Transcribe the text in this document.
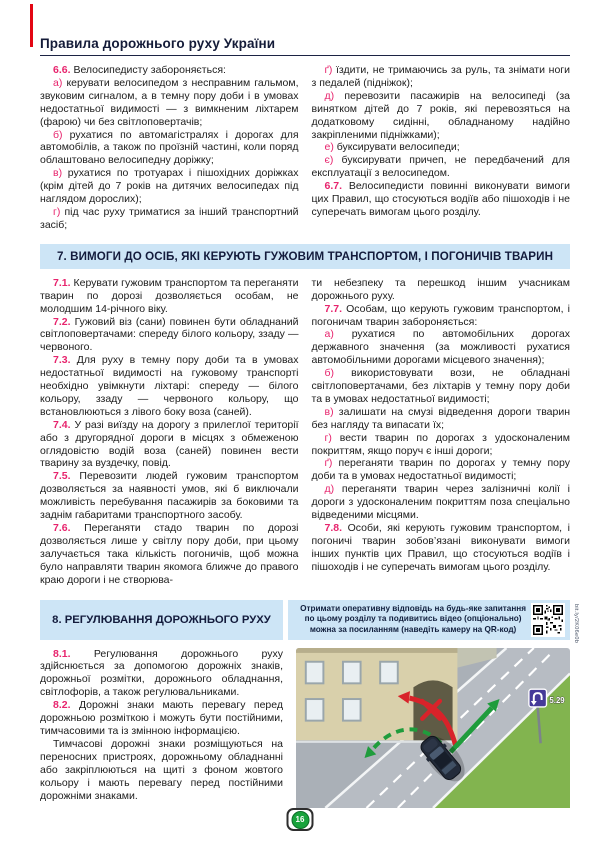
Правила дорожнього руху України

6.6. Велосипедисту забороняється:

а) керувати велосипедом з несправним гальмом, звуковим сигналом, а в темну пору доби і в умовах недостатньої видимості — з вимкненим ліхтарем (фарою) чи без світлоповертачів;

б) рухатися по автомагістралях і дорогах для автомобілів, а також по проїзній частині, коли поряд облаштовано велосипедну доріжку;

в) рухатися по тротуарах і пішохідних доріжках (крім дітей до 7 років на дитячих велосипедах під наглядом дорослих);

г) під час руху триматися за інший транспортний засіб;

ґ) їздити, не тримаючись за руль, та знімати ноги з педалей (підніжок);

д) перевозити пасажирів на велосипеді (за винятком дітей до 7 років, які перевозяться на додатковому сидінні, обладнаному надійно закріпленими підніжками);

е) буксирувати велосипеди;

є) буксирувати причеп, не передбачений для експлуатації з велосипедом.

6.7. Велосипедисти повинні виконувати вимоги цих Правил, що стосуються водіїв або пішоходів і не суперечать вимогам цього розділу.

7. ВИМОГИ ДО ОСІБ, ЯКІ КЕРУЮТЬ ГУЖОВИМ ТРАНСПОРТОМ, І ПОГОНИЧІВ ТВАРИН

7.1. Керувати гужовим транспортом та переганяти тварин по дорозі дозволяється особам, не молодшим 14-річного віку.

7.2. Гужовий віз (сани) повинен бути обладнаний світлоповертачами: спереду білого кольору, ззаду — червоного.

7.3. Для руху в темну пору доби та в умовах недостатньої видимості на гужовому транспорті необхідно увімкнути ліхтарі: спереду — білого кольору, ззаду — червоного кольору, що встановлюються з лівого боку воза (саней).

7.4. У разі виїзду на дорогу з прилеглої території або з другорядної дороги в місцях з обмеженою оглядовістю водій воза (саней) повинен вести тварину за вуздечку, повід.

7.5. Перевозити людей гужовим транспортом дозволяється за наявності умов, які б виключали можливість перебування пасажирів за боковими та заднім габаритами транспортного засобу.

7.6. Переганяти стадо тварин по дорозі дозволяється лише у світлу пору доби, при цьому залучається така кількість погоничів, щоб можна було направляти тварин якомога ближче до правого краю дороги і не створюва-

ти небезпеку та перешкод іншим учасникам дорожнього руху.

7.7. Особам, що керують гужовим транспортом, і погоничам тварин забороняється:

а) рухатися по автомобільних дорогах державного значення (за можливості рухатися автомобільними дорогами місцевого значення);

б) використовувати вози, не обладнані світлоповертачами, без ліхтарів у темну пору доби та в умовах недостатньої видимості;

в) залишати на смузі відведення дороги тварин без нагляду та випасати їх;

г) вести тварин по дорогах з удосконаленим покриттям, якщо поруч є інші дороги;

ґ) переганяти тварин по дорогах у темну пору доби та в умовах недостатньої видимості;

д) переганяти тварин через залізничні колії і дороги з удосконаленим покриттям поза спеціально відведеними місцями.

7.8. Особи, які керують гужовим транспортом, і погоничі тварин зобов’язані виконувати вимоги інших пунктів цих Правил, що стосуються водіїв і пішоходів і не суперечать вимогам цього розділу.

8. РЕГУЛЮВАННЯ ДОРОЖНЬОГО РУХУ
Отримати оперативну відповідь на будь-яке запитання
по цьому розділу та подивитись відео (опціонально)
можна за посиланням (наведіть камеру на QR-код)	bit.ly/2K06e0b

8.1. Регулювання дорожнього руху здійснюється за допомогою дорожніх знаків, дорожньої розмітки, дорожнього обладнання, світлофорів, а також регулювальниками.

8.2. Дорожні знаки мають перевагу перед дорожньою розміткою і можуть бути постійними, тимчасовими та із змінною інформацією.

Тимчасові дорожні знаки розміщуються на переносних пристроях, дорожньому обладнанні або закріплюються на щиті з фоном жовтого кольору і мають перевагу перед постійними дорожніми знаками.

5.29
16
